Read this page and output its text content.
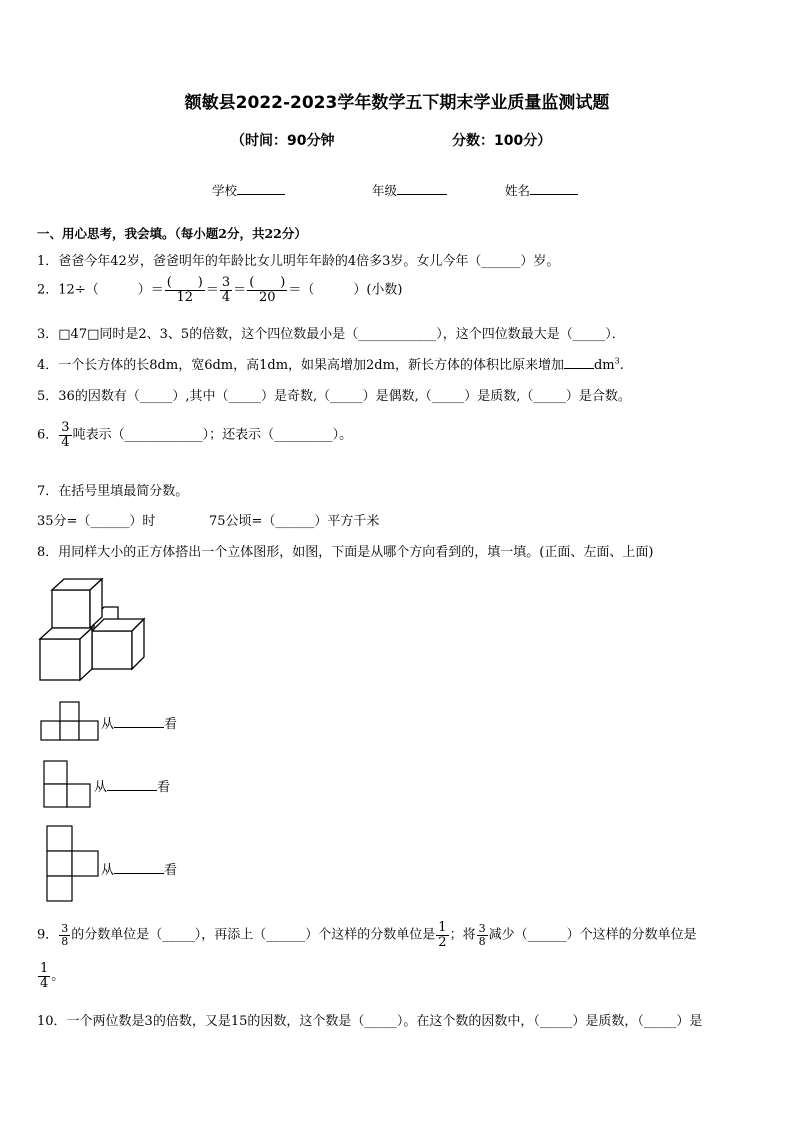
额敏县2022-2023学年数学五下期末学业质量监测试题
（时间：90分钟	分数：100分）
学校	年级	姓名
一、用心思考，我会填。（每小题2分，共22分）
1．爸爸今年42岁，爸爸明年的年龄比女儿明年年龄的4倍多3岁。女儿今年（______）岁。
2．12÷（　　　）＝ $\frac{( )}{12} = \frac{3}{4} = \frac{( )}{20}$ ＝（　　　）(小数)
3．□47□同时是2、3、5的倍数，这个四位数最小是（____________），这个四位数最大是（_____）．
4．一个长方体的长8dm，宽6dm，高1dm，如果高增加2dm，新长方体的体积比原来增加 $dm^3$.
5．36的因数有（_____）,其中（_____）是奇数,（_____）是偶数,（_____）是质数,（_____）是合数。
6． $\frac{3}{4}$ 吨表示（____________）；还表示（_________）。
7．在括号里填最简分数。
35分=（______）时	75公顷=（______）平方千米
8．用同样大小的正方体搭出一个立体图形，如图，下面是从哪个方向看到的，填一填。(正面、左面、上面)
从	看
从	看
从	看
9． $\frac{3}{8}$ 的分数单位是（_____），再添上（______）个这样的分数单位是 $\frac{1}{2}$ ；将 $\frac{3}{8}$ 减少（______）个这样的分数单位是
$\frac{1}{4}$ 。
10．一个两位数是3的倍数，又是15的因数，这个数是（_____）。在这个数的因数中，（_____）是质数，（_____）是
